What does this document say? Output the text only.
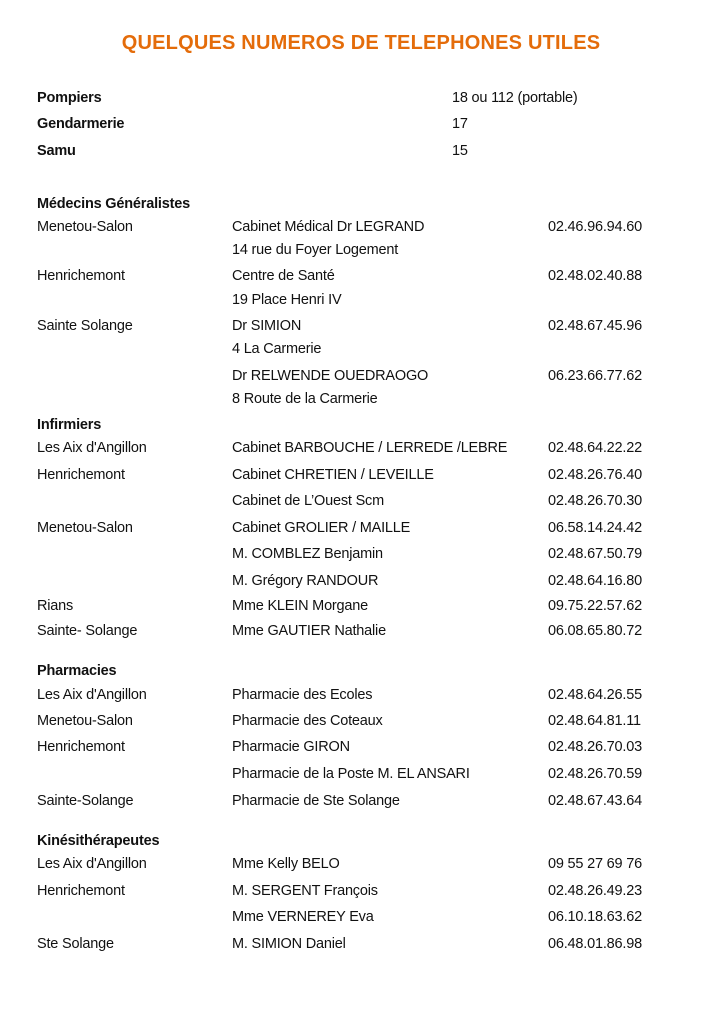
QUELQUES NUMEROS DE TELEPHONES UTILES
Pompiers	18 ou 112 (portable)
Gendarmerie	17
Samu	15
Médecins Généralistes
Menetou-Salon	Cabinet Médical Dr LEGRAND	02.46.96.94.60
14 rue du Foyer Logement
Henrichemont	Centre de Santé	02.48.02.40.88
19 Place Henri IV
Sainte Solange	Dr SIMION	02.48.67.45.96
4 La Carmerie
Dr RELWENDE OUEDRAOGO	06.23.66.77.62
8 Route de la Carmerie
Infirmiers
Les Aix d'Angillon	Cabinet BARBOUCHE / LERREDE /LEBRE	02.48.64.22.22
Henrichemont	Cabinet CHRETIEN / LEVEILLE	02.48.26.76.40
Cabinet de L’Ouest Scm	02.48.26.70.30
Menetou-Salon	Cabinet GROLIER / MAILLE	06.58.14.24.42
M. COMBLEZ Benjamin	02.48.67.50.79
M. Grégory RANDOUR	02.48.64.16.80
Rians	Mme KLEIN Morgane	09.75.22.57.62
Sainte- Solange	Mme GAUTIER Nathalie	06.08.65.80.72
Pharmacies
Les Aix d'Angillon	Pharmacie des Ecoles	02.48.64.26.55
Menetou-Salon	Pharmacie des Coteaux	02.48.64.81.11
Henrichemont	Pharmacie GIRON	02.48.26.70.03
Pharmacie de la Poste M. EL ANSARI	02.48.26.70.59
Sainte-Solange	Pharmacie de Ste Solange	02.48.67.43.64
Kinésithérapeutes
Les Aix d'Angillon	Mme Kelly BELO	09 55 27 69 76
Henrichemont	M. SERGENT François	02.48.26.49.23
Mme VERNEREY Eva	06.10.18.63.62
Ste Solange	M. SIMION Daniel	06.48.01.86.98
